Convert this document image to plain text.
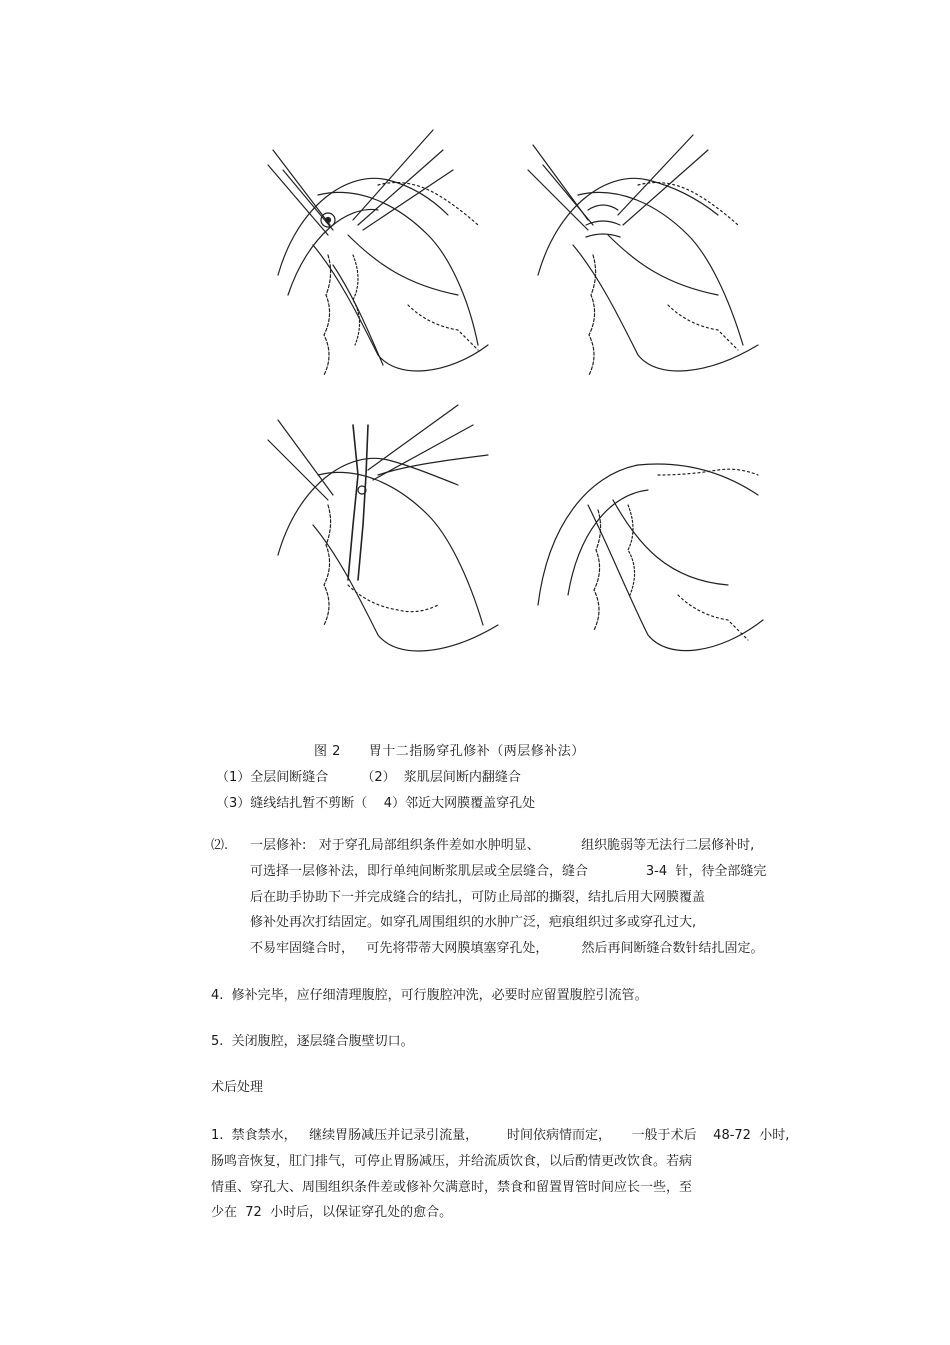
图 2      胃十二指肠穿孔修补（两层修补法）
（1）全层间断缝合        （2）  浆肌层间断内翻缝合
（3）缝线结扎暂不剪断（    4）邻近大网膜覆盖穿孔处
⑵. 一层修补:   对于穿孔局部组织条件差如水肿明显、          组织脆弱等无法行二层修补时,
可选择一层修补法，即行单纯间断浆肌层或全层缝合，缝合              3-4  针，待全部缝完
后在助手协助下一并完成缝合的结扎，可防止局部的撕裂，结扎后用大网膜覆盖
修补处再次打结固定。如穿孔周围组织的水肿广泛，疤痕组织过多或穿孔过大,
不易牢固缝合时，   可先将带蒂大网膜填塞穿孔处，        然后再间断缝合数针结扎固定。
4.  修补完毕，应仔细清理腹腔，可行腹腔冲洗，必要时应留置腹腔引流管。
5.  关闭腹腔，逐层缝合腹壁切口。
术后处理
1.  禁食禁水，   继续胃肠减压并记录引流量，       时间依病情而定，     一般于术后    48-72  小时,
肠鸣音恢复，肛门排气，可停止胃肠减压，并给流质饮食，以后酌情更改饮食。若病
情重、穿孔大、周围组织条件差或修补欠满意时，禁食和留置胃管时间应长一些，至
少在  72  小时后，以保证穿孔处的愈合。
